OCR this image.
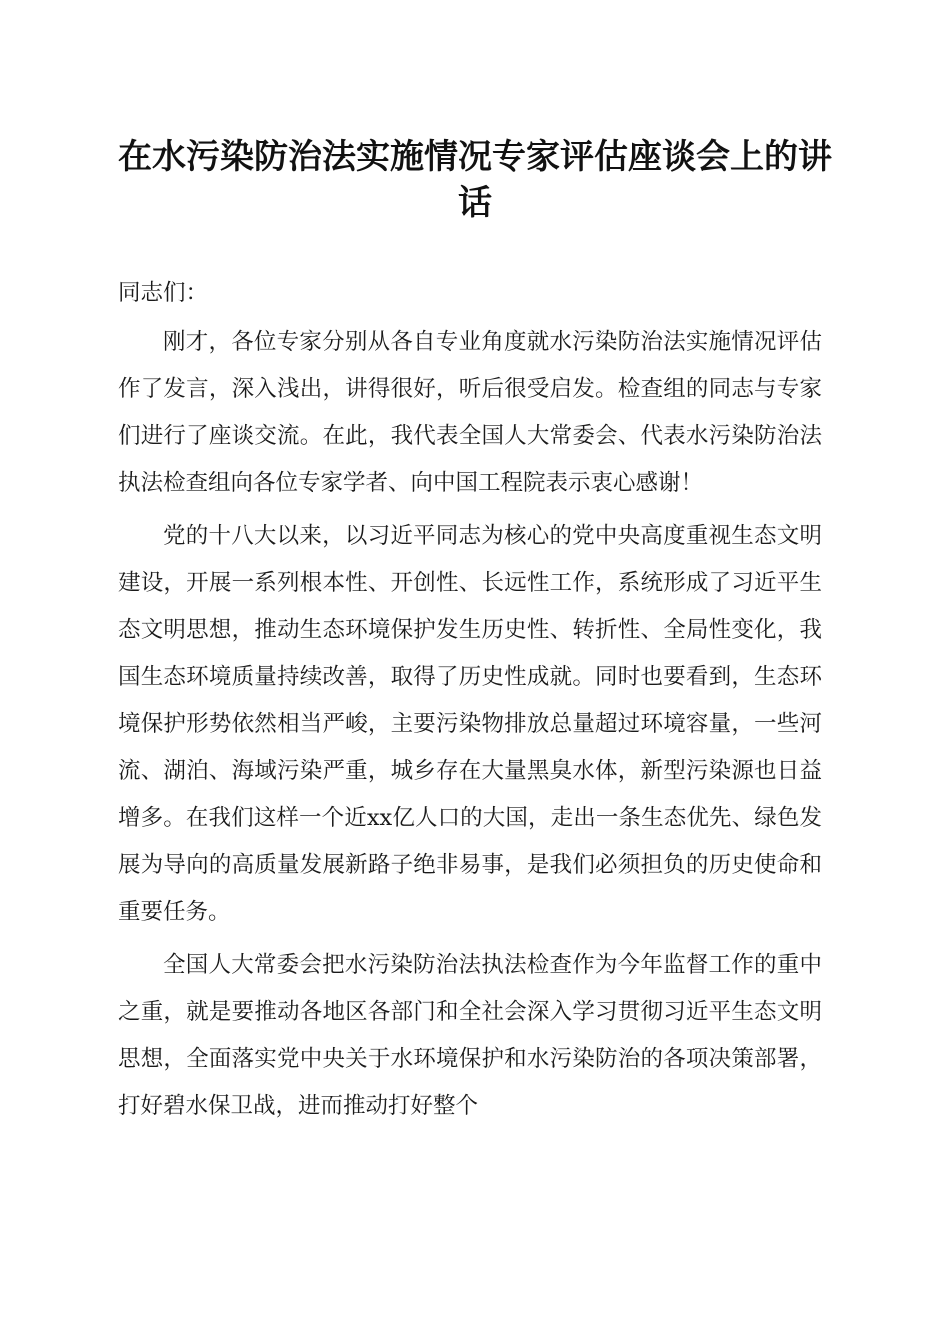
在水污染防治法实施情况专家评估座谈会上的讲话

同志们：

刚才，各位专家分别从各自专业角度就水污染防治法实施情况评估作了发言，深入浅出，讲得很好，听后很受启发。检查组的同志与专家们进行了座谈交流。在此，我代表全国人大常委会、代表水污染防治法执法检查组向各位专家学者、向中国工程院表示衷心感谢！

党的十八大以来，以习近平同志为核心的党中央高度重视生态文明建设，开展一系列根本性、开创性、长远性工作，系统形成了习近平生态文明思想，推动生态环境保护发生历史性、转折性、全局性变化，我国生态环境质量持续改善，取得了历史性成就。同时也要看到，生态环境保护形势依然相当严峻，主要污染物排放总量超过环境容量，一些河流、湖泊、海域污染严重，城乡存在大量黑臭水体，新型污染源也日益增多。在我们这样一个近xx亿人口的大国，走出一条生态优先、绿色发展为导向的高质量发展新路子绝非易事，是我们必须担负的历史使命和重要任务。

全国人大常委会把水污染防治法执法检查作为今年监督工作的重中之重，就是要推动各地区各部门和全社会深入学习贯彻习近平生态文明思想，全面落实党中央关于水环境保护和水污染防治的各项决策部署，打好碧水保卫战，进而推动打好整个
